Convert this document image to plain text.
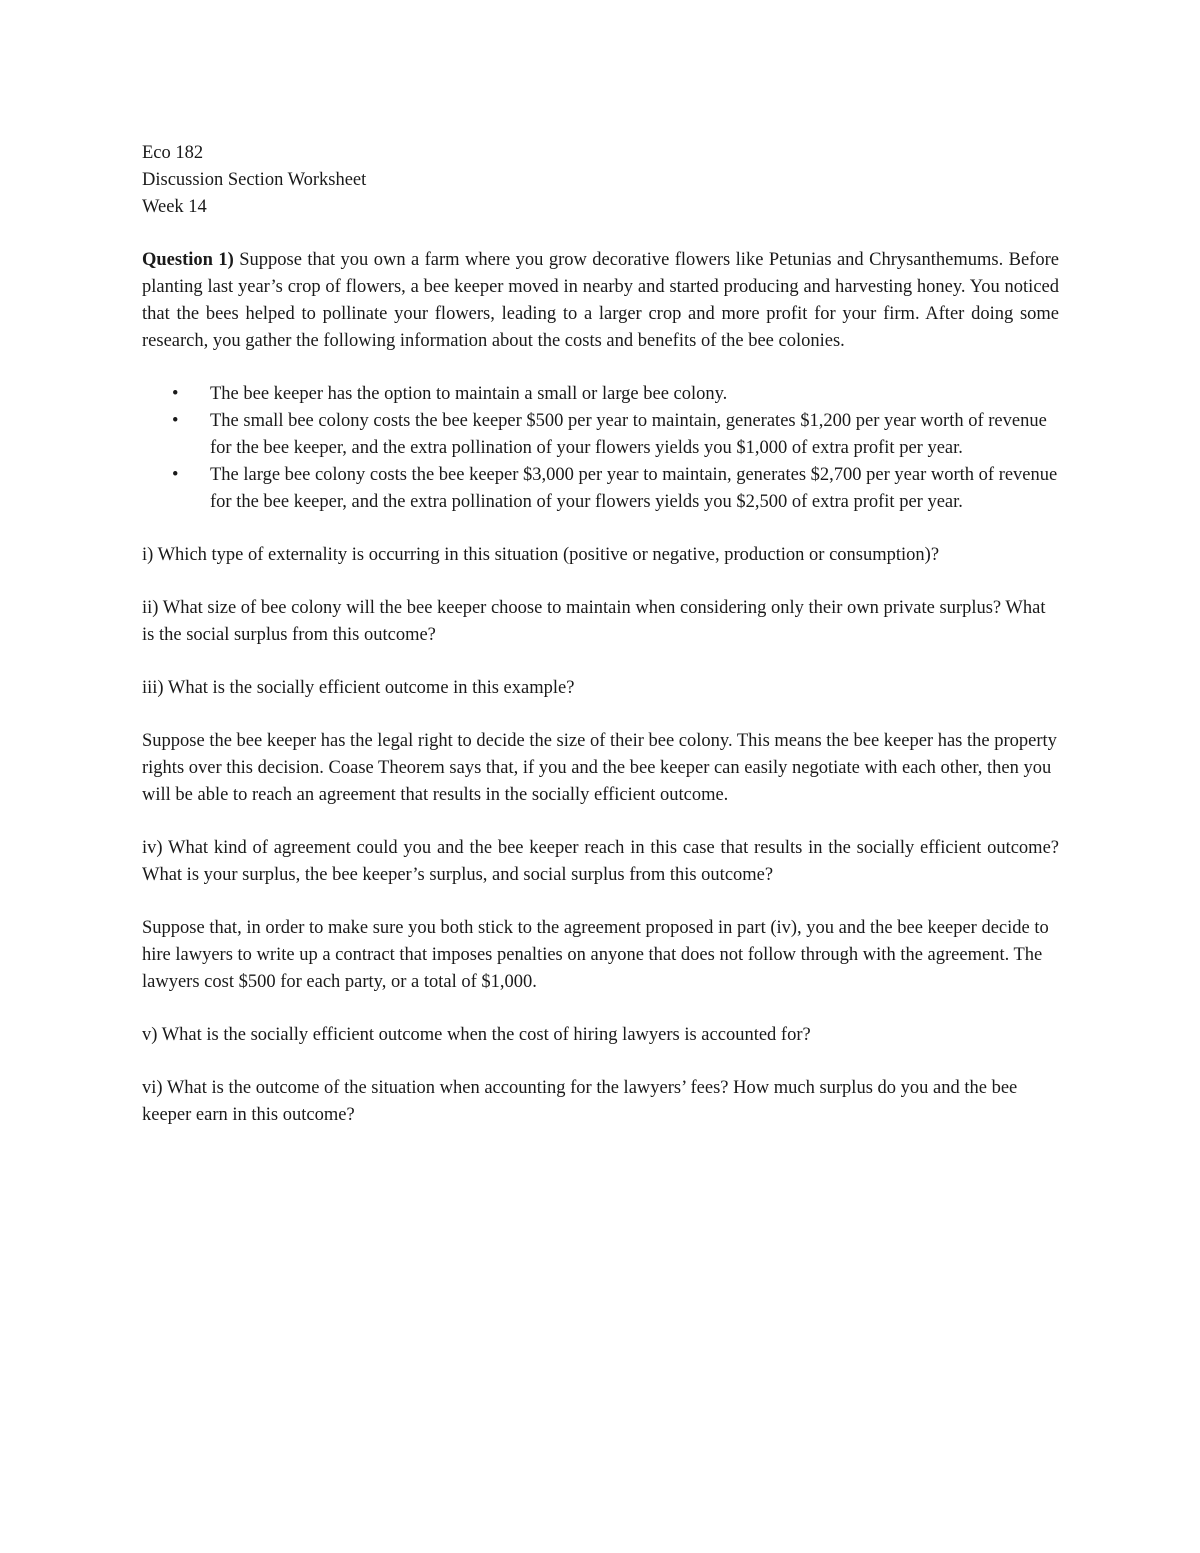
Eco 182

Discussion Section Worksheet

Week 14

Question 1) Suppose that you own a farm where you grow decorative flowers like Petunias and Chrysanthemums. Before planting last year’s crop of flowers, a bee keeper moved in nearby and started producing and harvesting honey. You noticed that the bees helped to pollinate your flowers, leading to a larger crop and more profit for your firm. After doing some research, you gather the following information about the costs and benefits of the bee colonies.

• The bee keeper has the option to maintain a small or large bee colony.
• The small bee colony costs the bee keeper $500 per year to maintain, generates $1,200 per year worth of revenue for the bee keeper, and the extra pollination of your flowers yields you $1,000 of extra profit per year.
• The large bee colony costs the bee keeper $3,000 per year to maintain, generates $2,700 per year worth of revenue for the bee keeper, and the extra pollination of your flowers yields you $2,500 of extra profit per year.

i) Which type of externality is occurring in this situation (positive or negative, production or consumption)?

ii) What size of bee colony will the bee keeper choose to maintain when considering only their own private surplus? What is the social surplus from this outcome?

iii) What is the socially efficient outcome in this example?

Suppose the bee keeper has the legal right to decide the size of their bee colony. This means the bee keeper has the property rights over this decision. Coase Theorem says that, if you and the bee keeper can easily negotiate with each other, then you will be able to reach an agreement that results in the socially efficient outcome.

iv) What kind of agreement could you and the bee keeper reach in this case that results in the socially efficient outcome? What is your surplus, the bee keeper’s surplus, and social surplus from this outcome?

Suppose that, in order to make sure you both stick to the agreement proposed in part (iv), you and the bee keeper decide to hire lawyers to write up a contract that imposes penalties on anyone that does not follow through with the agreement. The lawyers cost $500 for each party, or a total of $1,000.

v) What is the socially efficient outcome when the cost of hiring lawyers is accounted for?

vi) What is the outcome of the situation when accounting for the lawyers’ fees? How much surplus do you and the bee keeper earn in this outcome?
